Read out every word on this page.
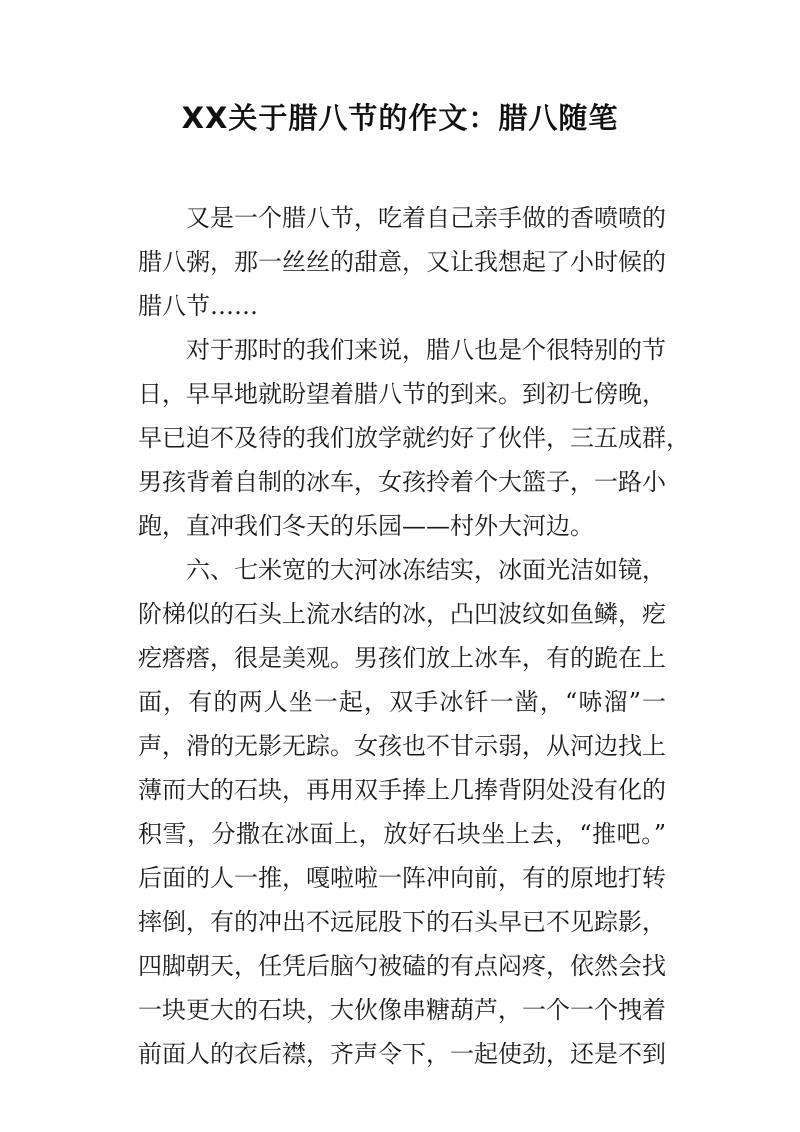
XX关于腊八节的作文：腊八随笔

又是一个腊八节，吃着自己亲手做的香喷喷的
腊八粥，那一丝丝的甜意，又让我想起了小时候的
腊八节……

对于那时的我们来说，腊八也是个很特别的节
日，早早地就盼望着腊八节的到来。到初七傍晚，
早已迫不及待的我们放学就约好了伙伴，三五成群，
男孩背着自制的冰车，女孩拎着个大篮子，一路小
跑，直冲我们冬天的乐园——村外大河边。

六、七米宽的大河冰冻结实，冰面光洁如镜，
阶梯似的石头上流水结的冰，凸凹波纹如鱼鳞，疙
疙瘩瘩，很是美观。男孩们放上冰车，有的跪在上
面，有的两人坐一起，双手冰钎一凿，“哧溜”一
声，滑的无影无踪。女孩也不甘示弱，从河边找上
薄而大的石块，再用双手捧上几捧背阴处没有化的
积雪，分撒在冰面上，放好石块坐上去，“推吧。”
后面的人一推，嘎啦啦一阵冲向前，有的原地打转
摔倒，有的冲出不远屁股下的石头早已不见踪影，
四脚朝天，任凭后脑勺被磕的有点闷疼，依然会找
一块更大的石块，大伙像串糖葫芦，一个一个拽着
前面人的衣后襟，齐声令下，一起使劲，还是不到
